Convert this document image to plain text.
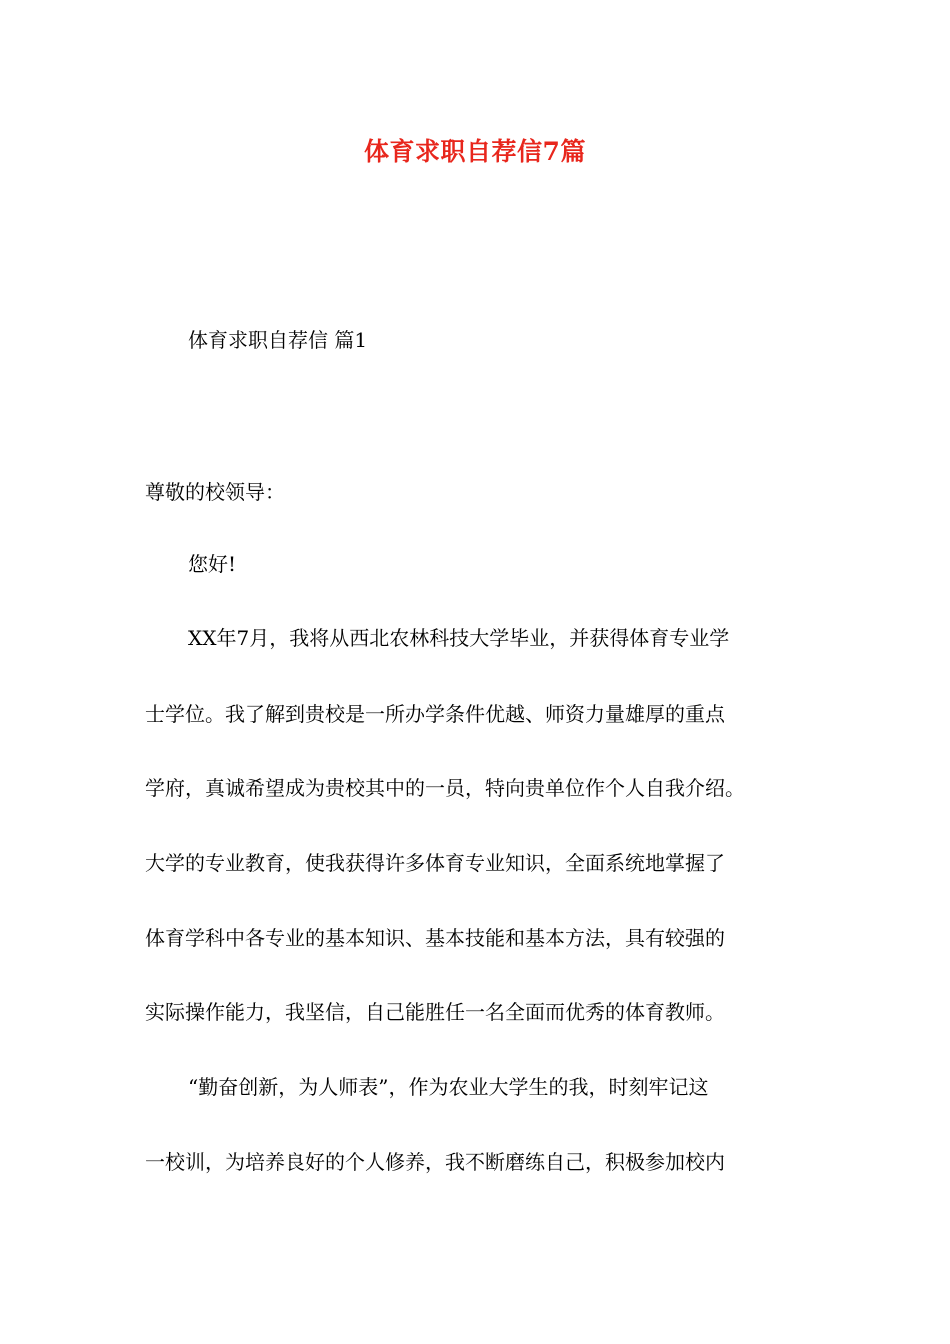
体育求职自荐信7篇
体育求职自荐信 篇1
尊敬的校领导：
您好!
XX年7月，我将从西北农林科技大学毕业，并获得体育专业学
士学位。我了解到贵校是一所办学条件优越、师资力量雄厚的重点
学府，真诚希望成为贵校其中的一员，特向贵单位作个人自我介绍。
大学的专业教育，使我获得许多体育专业知识，全面系统地掌握了
体育学科中各专业的基本知识、基本技能和基本方法，具有较强的
实际操作能力，我坚信，自己能胜任一名全面而优秀的体育教师。
“勤奋创新，为人师表”，作为农业大学生的我，时刻牢记这
一校训，为培养良好的个人修养，我不断磨练自己，积极参加校内
